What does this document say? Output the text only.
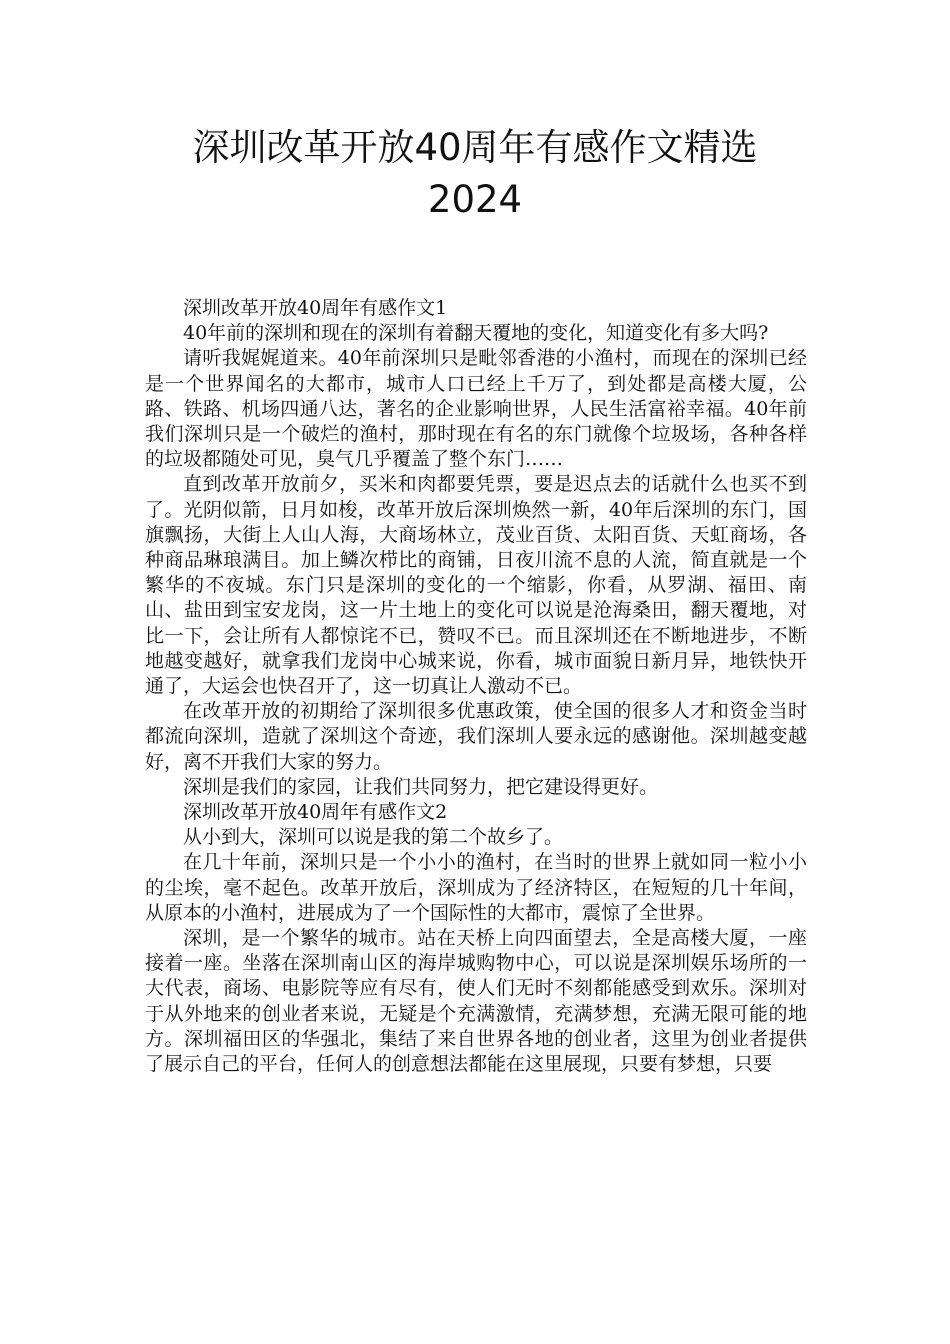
深圳改革开放40周年有感作文精选
2024

深圳改革开放40周年有感作文1

40年前的深圳和现在的深圳有着翻天覆地的变化，知道变化有多大吗?

请听我娓娓道来。40年前深圳只是毗邻香港的小渔村，而现在的深圳已经是一个世界闻名的大都市，城市人口已经上千万了，到处都是高楼大厦，公路、铁路、机场四通八达，著名的企业影响世界，人民生活富裕幸福。40年前我们深圳只是一个破烂的渔村，那时现在有名的东门就像个垃圾场，各种各样的垃圾都随处可见，臭气几乎覆盖了整个东门……

直到改革开放前夕，买米和肉都要凭票，要是迟点去的话就什么也买不到了。光阴似箭，日月如梭，改革开放后深圳焕然一新，40年后深圳的东门，国旗飘扬，大街上人山人海，大商场林立，茂业百货、太阳百货、天虹商场，各种商品琳琅满目。加上鳞次栉比的商铺，日夜川流不息的人流，简直就是一个繁华的不夜城。东门只是深圳的变化的一个缩影，你看，从罗湖、福田、南山、盐田到宝安龙岗，这一片土地上的变化可以说是沧海桑田，翻天覆地，对比一下，会让所有人都惊诧不已，赞叹不已。而且深圳还在不断地进步，不断地越变越好，就拿我们龙岗中心城来说，你看，城市面貌日新月异，地铁快开通了，大运会也快召开了，这一切真让人激动不已。

在改革开放的初期给了深圳很多优惠政策，使全国的很多人才和资金当时都流向深圳，造就了深圳这个奇迹，我们深圳人要永远的感谢他。深圳越变越好，离不开我们大家的努力。

深圳是我们的家园，让我们共同努力，把它建设得更好。

深圳改革开放40周年有感作文2

从小到大，深圳可以说是我的第二个故乡了。

在几十年前，深圳只是一个小小的渔村，在当时的世界上就如同一粒小小的尘埃，毫不起色。改革开放后，深圳成为了经济特区，在短短的几十年间，从原本的小渔村，进展成为了一个国际性的大都市，震惊了全世界。

深圳，是一个繁华的城市。站在天桥上向四面望去，全是高楼大厦，一座接着一座。坐落在深圳南山区的海岸城购物中心，可以说是深圳娱乐场所的一大代表，商场、电影院等应有尽有，使人们无时不刻都能感受到欢乐。深圳对于从外地来的创业者来说，无疑是个充满激情，充满梦想，充满无限可能的地方。深圳福田区的华强北，集结了来自世界各地的创业者，这里为创业者提供了展示自己的平台，任何人的创意想法都能在这里展现，只要有梦想，只要
